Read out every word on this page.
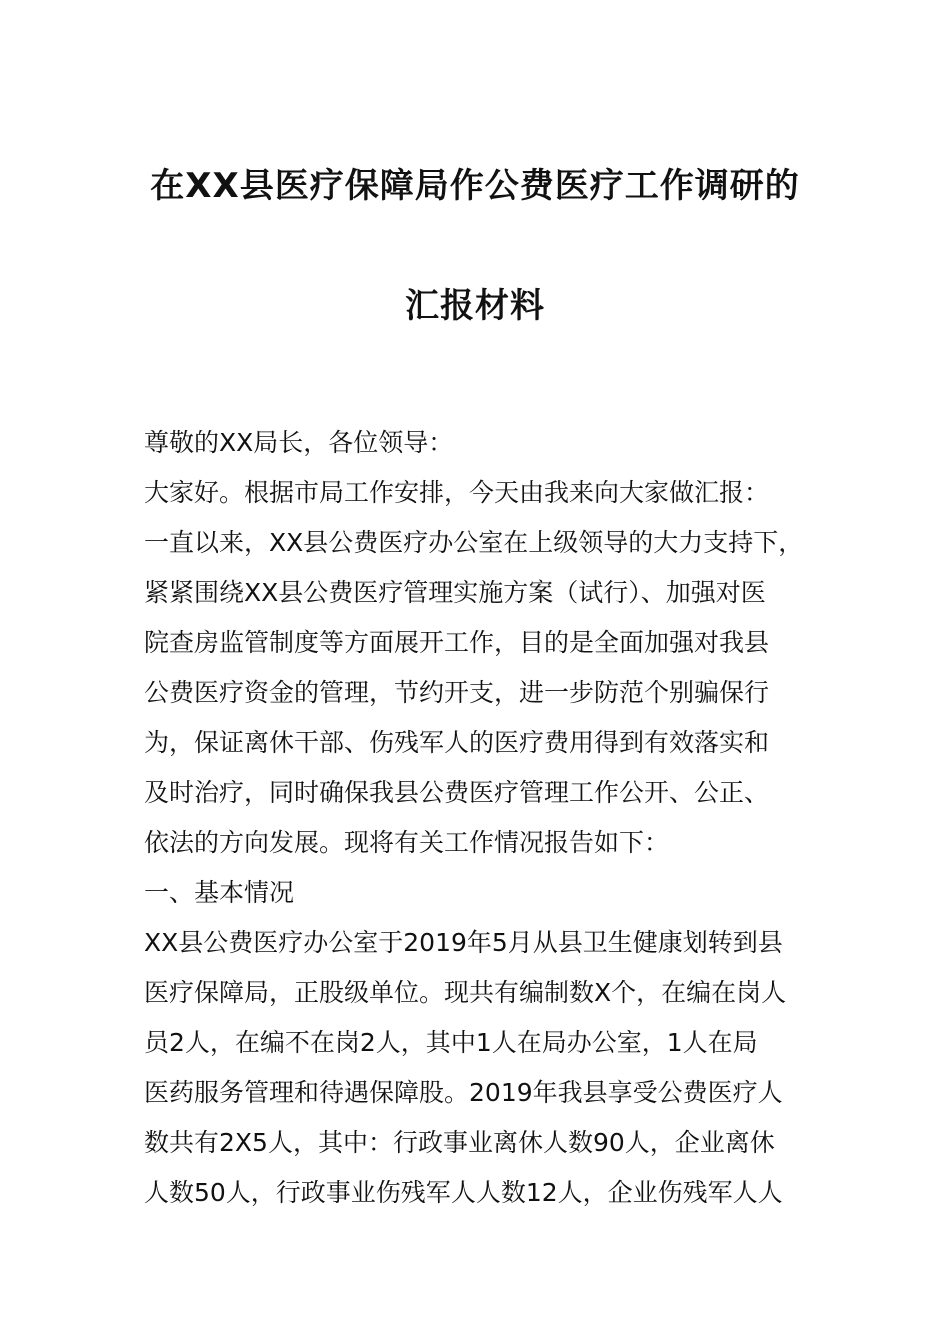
在XX县医疗保障局作公费医疗工作调研的
汇报材料
尊敬的XX局长，各位领导：
大家好。根据市局工作安排，今天由我来向大家做汇报：
一直以来，XX县公费医疗办公室在上级领导的大力支持下，
紧紧围绕XX县公费医疗管理实施方案（试行）、加强对医
院查房监管制度等方面展开工作，目的是全面加强对我县
公费医疗资金的管理，节约开支，进一步防范个别骗保行
为，保证离休干部、伤残军人的医疗费用得到有效落实和
及时治疗，同时确保我县公费医疗管理工作公开、公正、
依法的方向发展。现将有关工作情况报告如下：
一、基本情况
XX县公费医疗办公室于2019年5月从县卫生健康划转到县
医疗保障局，正股级单位。现共有编制数X个，在编在岗人
员2人，在编不在岗2人，其中1人在局办公室，1人在局
医药服务管理和待遇保障股。2019年我县享受公费医疗人
数共有2X5人，其中：行政事业离休人数90人，企业离休
人数50人，行政事业伤残军人人数12人，企业伤残军人人
